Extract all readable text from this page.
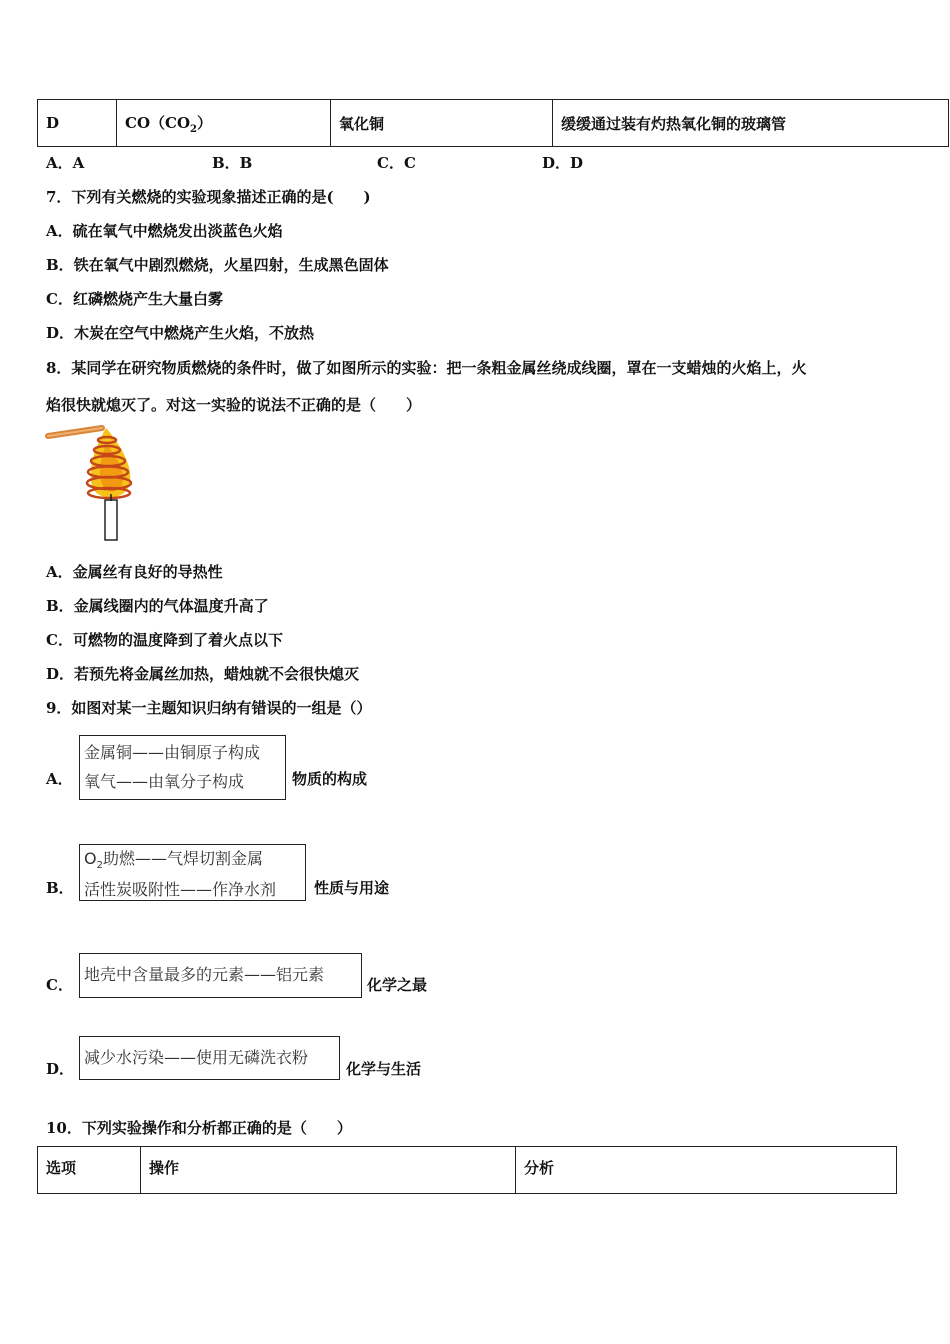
D	$CO(CO_2)$	氧化铜	缓缓通过装有灼热氧化铜的玻璃管
A．A	B．B	C．C	D．D
7．下列有关燃烧的实验现象描述正确的是(　　)
A．硫在氧气中燃烧发出淡蓝色火焰
B．铁在氧气中剧烈燃烧，火星四射，生成黑色固体
C．红磷燃烧产生大量白雾
D．木炭在空气中燃烧产生火焰，不放热
8．某同学在研究物质燃烧的条件时，做了如图所示的实验：把一条粗金属丝绕成线圈，罩在一支蜡烛的火焰上，火
焰很快就熄灭了。对这一实验的说法不正确的是（　　）
A．金属丝有良好的导热性
B．金属线圈内的气体温度升高了
C．可燃物的温度降到了着火点以下
D．若预先将金属丝加热，蜡烛就不会很快熄灭
9．如图对某一主题知识归纳有错误的一组是（）
A．
金属铜——由铜原子构成
氧气——由氧分子构成	物质的构成
B．
$O_2$助燃——气焊切割金属
活性炭吸附性——作净水剂	性质与用途
C．
地壳中含量最多的元素——铝元素
化学之最
D．
减少水污染——使用无磷洗衣粉
化学与生活
10．下列实验操作和分析都正确的是（　　）
选项	操作	分析
